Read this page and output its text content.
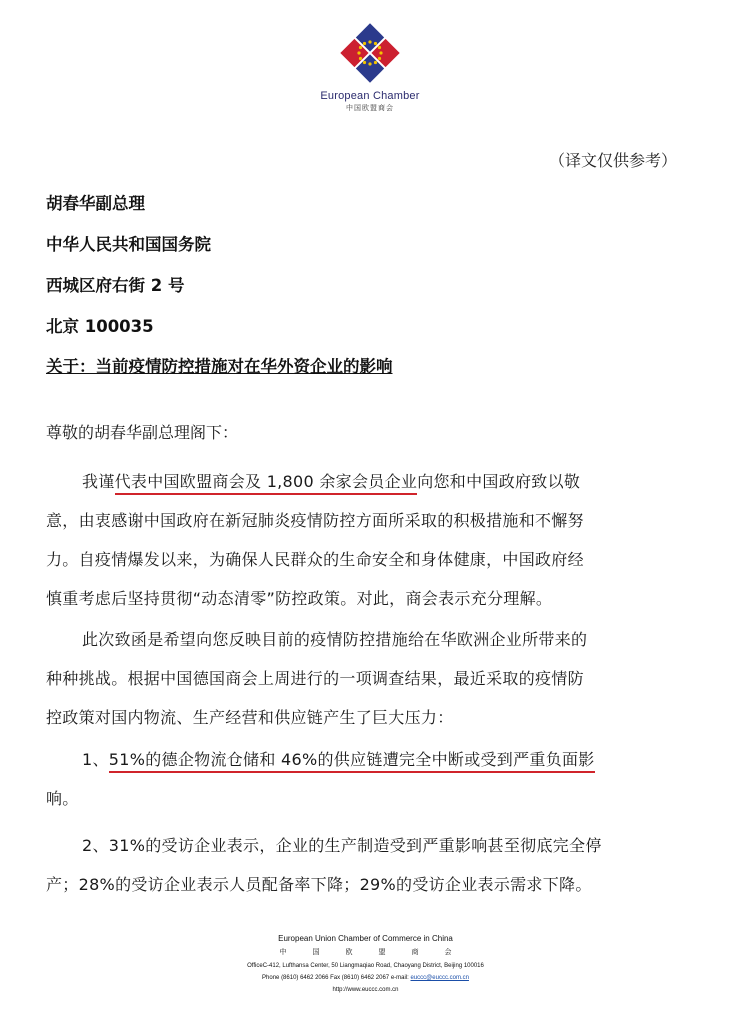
European Chamber
中国欧盟商会
（译文仅供参考）
胡春华副总理
中华人民共和国国务院
西城区府右街 2 号
北京 100035
关于：当前疫情防控措施对在华外资企业的影响
尊敬的胡春华副总理阁下：
我谨代表中国欧盟商会及 1,800 余家会员企业向您和中国政府致以敬
意，由衷感谢中国政府在新冠肺炎疫情防控方面所采取的积极措施和不懈努
力。自疫情爆发以来，为确保人民群众的生命安全和身体健康，中国政府经
慎重考虑后坚持贯彻“动态清零”防控政策。对此，商会表示充分理解。
此次致函是希望向您反映目前的疫情防控措施给在华欧洲企业所带来的
种种挑战。根据中国德国商会上周进行的一项调查结果，最近采取的疫情防
控政策对国内物流、生产经营和供应链产生了巨大压力：
1、51%的德企物流仓储和 46%的供应链遭完全中断或受到严重负面影
响。
2、31%的受访企业表示，企业的生产制造受到严重影响甚至彻底完全停
产；28%的受访企业表示人员配备率下降；29%的受访企业表示需求下降。
European Union Chamber of Commerce in China
中国欧盟商会
OfficeC-412, Lufthansa Center, 50 Liangmaqiao Road, Chaoyang District, Beijing 100016
Phone (8610) 6462 2066 Fax (8610) 6462 2067 e-mail: euccc@euccc.com.cn
http://www.euccc.com.cn
